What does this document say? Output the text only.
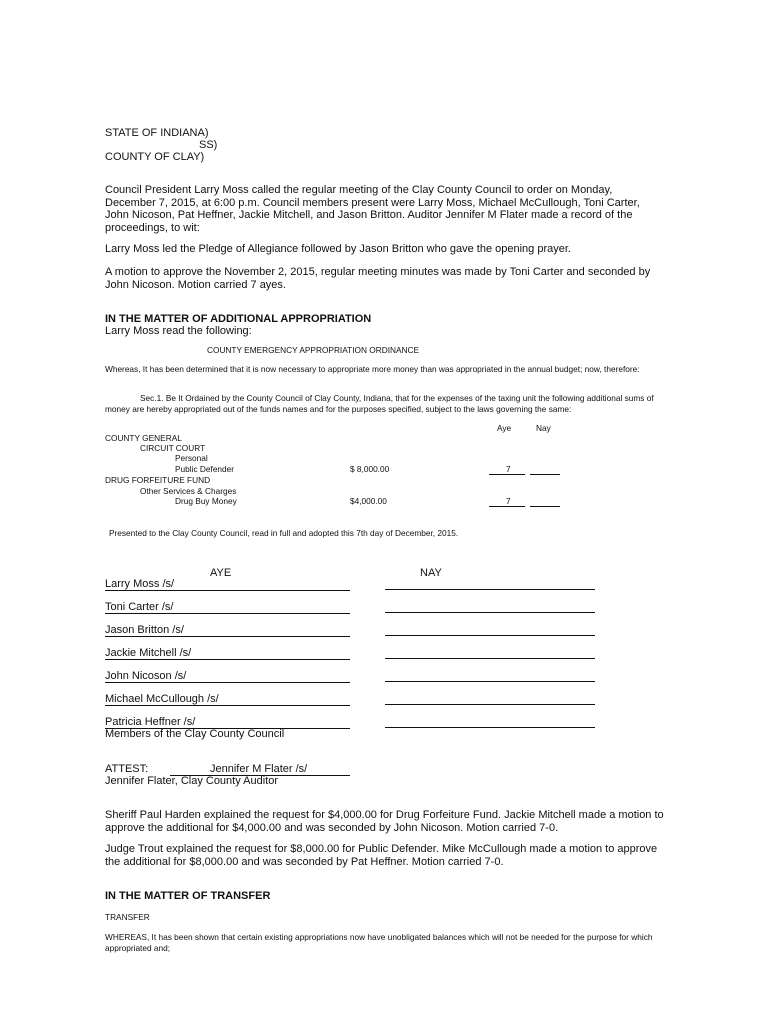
STATE OF INDIANA)
SS)
COUNTY OF CLAY)
Council President Larry Moss called the regular meeting of the Clay County Council to order on Monday, December 7, 2015, at 6:00 p.m. Council members present were Larry Moss, Michael McCullough, Toni Carter, John Nicoson, Pat Heffner, Jackie Mitchell, and Jason Britton. Auditor Jennifer M Flater made a record of the proceedings, to wit:
Larry Moss led the Pledge of Allegiance followed by Jason Britton who gave the opening prayer.
A motion to approve the November 2, 2015, regular meeting minutes was made by Toni Carter and seconded by John Nicoson. Motion carried 7 ayes.
IN THE MATTER OF ADDITIONAL APPROPRIATION
Larry Moss read the following:
COUNTY EMERGENCY APPROPRIATION ORDINANCE
Whereas, It has been determined that it is now necessary to appropriate more money than was appropriated in the annual budget; now, therefore:
Sec.1. Be It Ordained by the County Council of Clay County, Indiana, that for the expenses of the taxing unit the following additional sums of money are hereby appropriated out of the funds names and for the purposes specified, subject to the laws governing the same:
Aye	Nay
COUNTY GENERAL
CIRCUIT COURT
Personal
Public Defender	$ 8,000.00	7
DRUG FORFEITURE FUND
Other Services & Charges
Drug Buy Money	$4,000.00	7
Presented to the Clay County Council, read in full and adopted this 7th day of December, 2015.
AYE	NAY
Larry Moss /s/
Toni Carter /s/
Jason Britton /s/
Jackie Mitchell /s/
John Nicoson /s/
Michael McCullough /s/
Patricia Heffner /s/
Members of the Clay County Council
ATTEST:	Jennifer M Flater /s/
Jennifer Flater, Clay County Auditor
Sheriff Paul Harden explained the request for $4,000.00 for Drug Forfeiture Fund. Jackie Mitchell made a motion to approve the additional for $4,000.00 and was seconded by John Nicoson. Motion carried 7-0.
Judge Trout explained the request for $8,000.00 for Public Defender. Mike McCullough made a motion to approve the additional for $8,000.00 and was seconded by Pat Heffner. Motion carried 7-0.
IN THE MATTER OF TRANSFER
TRANSFER
WHEREAS, It has been shown that certain existing appropriations now have unobligated balances which will not be needed for the purpose for which appropriated and;
